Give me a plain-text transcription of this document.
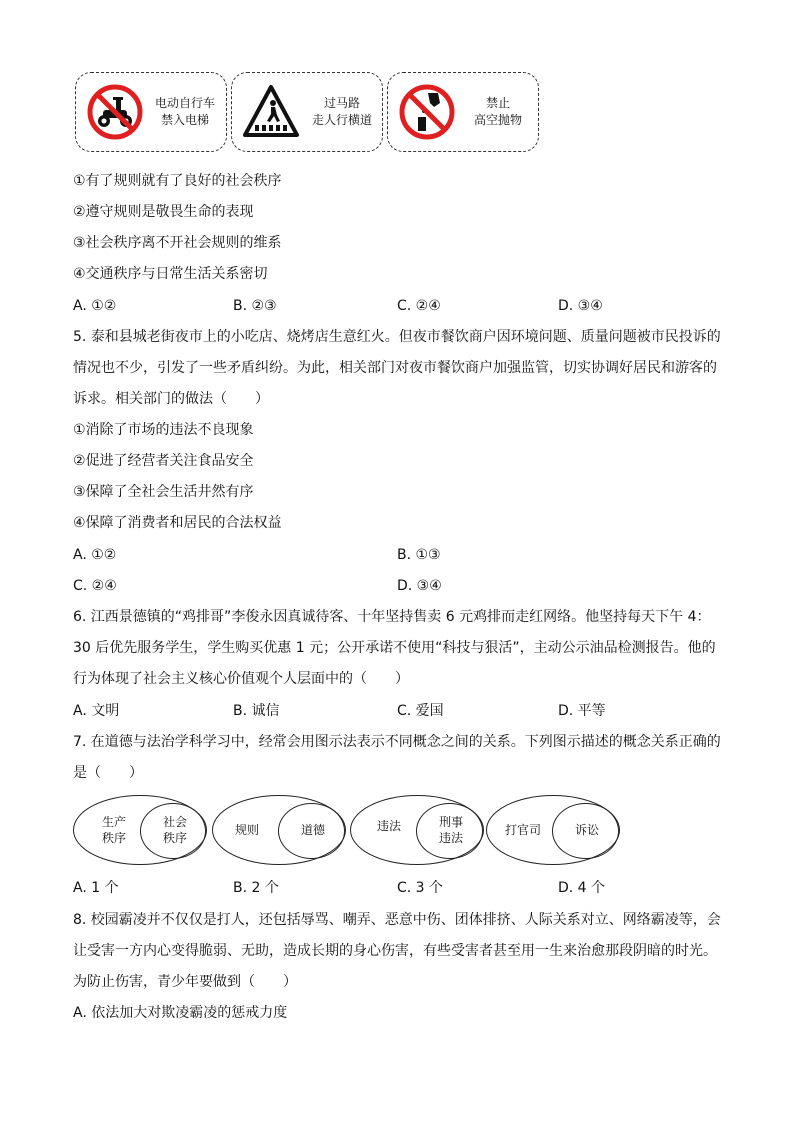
电动自行车
禁入电梯
过马路
走人行横道
禁止
高空抛物
①有了规则就有了良好的社会秩序
②遵守规则是敬畏生命的表现
③社会秩序离不开社会规则的维系
④交通秩序与日常生活关系密切
A. ①②	B. ②③	C. ②④	D. ③④
5. 泰和县城老街夜市上的小吃店、烧烤店生意红火。但夜市餐饮商户因环境问题、质量问题被市民投诉的
情况也不少，引发了一些矛盾纠纷。为此，相关部门对夜市餐饮商户加强监管，切实协调好居民和游客的
诉求。相关部门的做法（　　）
①消除了市场的违法不良现象
②促进了经营者关注食品安全
③保障了全社会生活井然有序
④保障了消费者和居民的合法权益
A. ①②	B. ①③
C. ②④	D. ③④
6. 江西景德镇的“鸡排哥”李俊永因真诚待客、十年坚持售卖 6 元鸡排而走红网络。他坚持每天下午 4：
30 后优先服务学生，学生购买优惠 1 元；公开承诺不使用“科技与狠活”，主动公示油品检测报告。他的
行为体现了社会主义核心价值观个人层面中的（　　）
A. 文明	B. 诚信	C. 爱国	D. 平等
7. 在道德与法治学科学习中，经常会用图示法表示不同概念之间的关系。下列图示描述的概念关系正确的
是（　　）
生产
秩序
社会
秩序
规则	道德	违法	刑事
违法
打官司	诉讼
A. 1 个	B. 2 个	C. 3 个	D. 4 个
8. 校园霸凌并不仅仅是打人，还包括辱骂、嘲弄、恶意中伤、团体排挤、人际关系对立、网络霸凌等，会
让受害一方内心变得脆弱、无助，造成长期的身心伤害，有些受害者甚至用一生来治愈那段阴暗的时光。
为防止伤害，青少年要做到（　　）
A. 依法加大对欺凌霸凌的惩戒力度
